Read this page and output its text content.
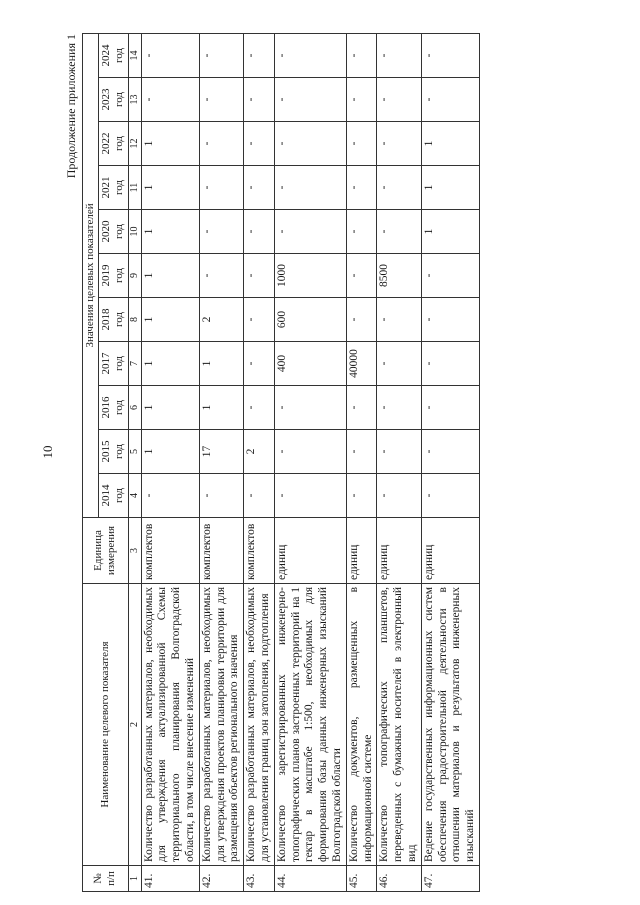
10
Продолжение приложения 1
№ п/п	Наименование целевого показателя	Единица измерения	Значения целевых показателей										
			2014 год	2015 год	2016 год	2017 год	2018 год	2019 год	2020 год	2021 год	2022 год	2023 год	2024 год
1	2	3	4	5	6	7	8	9	10	11	12	13	14
41.	Количество разработанных материалов, необходимых для утверждения актуализированной Схемы территориального планирования Волгоградской области, в том числе внесение изменений	комплектов	-	1	1	1	1	1	1	1	1	-	-
42.	Количество разработанных материалов, необходимых для утверждения проектов планировки территории для размещения объектов регионального значения	комплектов	-	17	1	1	2	-	-	-	-	-	-
43.	Количество разработанных материалов, необходимых для установления границ зон затопления, подтопления	комплектов	-	2	-	-	-	-	-	-	-	-	-
44.	Количество зарегистрированных инженерно-топографических планов застроенных территорий на 1 гектар в масштабе 1:500, необходимых для формирования базы данных инженерных изысканий Волгоградской области	единиц	-	-	-	400	600	1000	-	-	-	-	-
45.	Количество документов, размещенных в информационной системе	единиц	-	-	-	40000	-	-	-	-	-	-	-
46.	Количество топографических планшетов, переведенных с бумажных носителей в электронный вид	единиц	-	-	-	-	-	8500	-	-	-	-	-
47.	Ведение государственных информационных систем обеспечения градостроительной деятельности в отношении материалов и результатов инженерных изысканий	единиц	-	-	-	-	-	-	1	1	1	-	-
